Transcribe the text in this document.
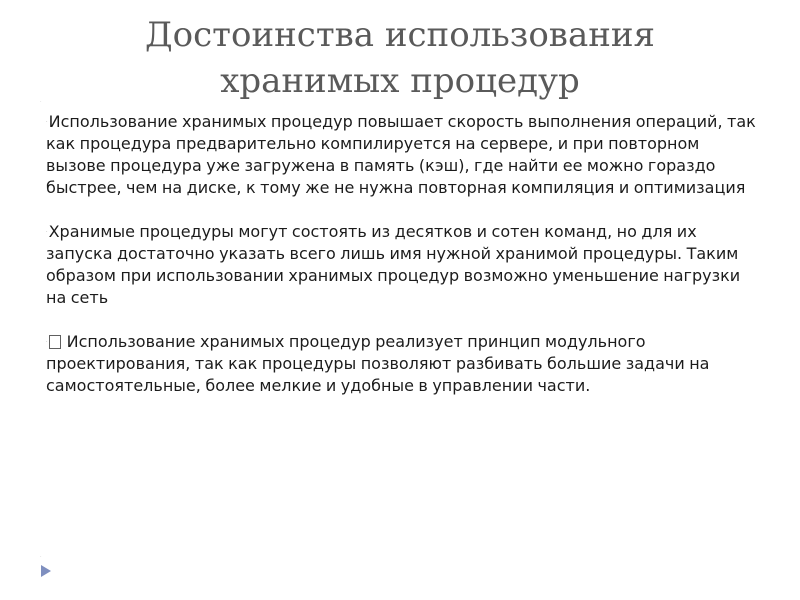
Достоинства использования
хранимых процедур
·

·Использование хранимых процедур повышает скорость выполнения операций, так как процедура предварительно компилируется на сервере, и при повторном вызове процедура уже загружена в память (кэш), где найти ее можно гораздо быстрее, чем на диске, к тому же не нужна повторная компиляция и оптимизация

·Хранимые процедуры могут состоять из десятков и сотен команд, но для их запуска достаточно указать всего лишь имя нужной хранимой процедуры. Таким образом при использовании хранимых процедур возможно уменьшение нагрузки на сеть

· Использование хранимых процедур реализует принцип модульного проектирования, так как процедуры позволяют разбивать большие задачи на самостоятельные, более мелкие и удобные в управлении части.

·
